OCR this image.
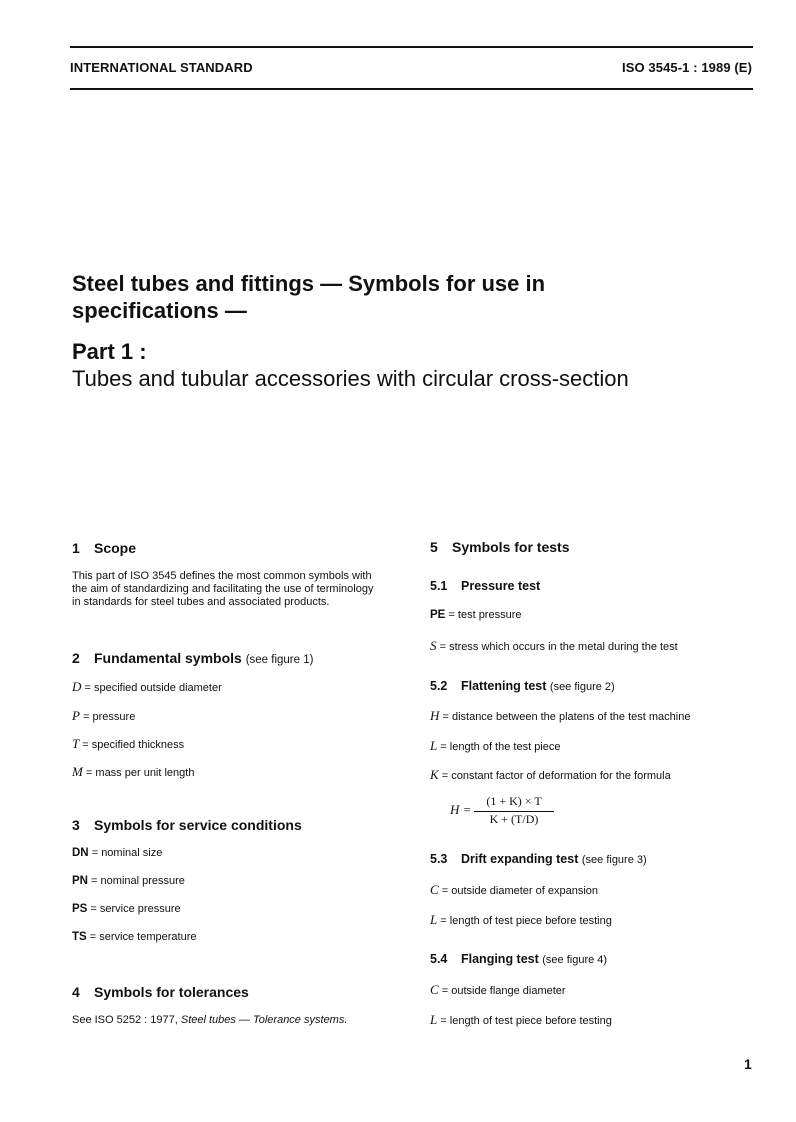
INTERNATIONAL STANDARD	ISO 3545-1 : 1989 (E)
Steel tubes and fittings — Symbols for use in
specifications —
Part 1 :
Tubes and tubular accessories with circular cross-section
1 Scope
This part of ISO 3545 defines the most common symbols with
the aim of standardizing and facilitating the use of terminology
in standards for steel tubes and associated products.
2 Fundamental symbols (see figure 1)
D = specified outside diameter
P = pressure
T = specified thickness
M = mass per unit length
3 Symbols for service conditions
DN = nominal size
PN = nominal pressure
PS = service pressure
TS = service temperature
4 Symbols for tolerances
See ISO 5252 : 1977, Steel tubes — Tolerance systems.
5 Symbols for tests
5.1 Pressure test
PE = test pressure
S = stress which occurs in the metal during the test
5.2 Flattening test (see figure 2)
H = distance between the platens of the test machine
L = length of the test piece
K = constant factor of deformation for the formula
H =
(1 + K) × T
K + (T/D)
5.3 Drift expanding test (see figure 3)
C = outside diameter of expansion
L = length of test piece before testing
5.4 Flanging test (see figure 4)
C = outside flange diameter
L = length of test piece before testing
1
